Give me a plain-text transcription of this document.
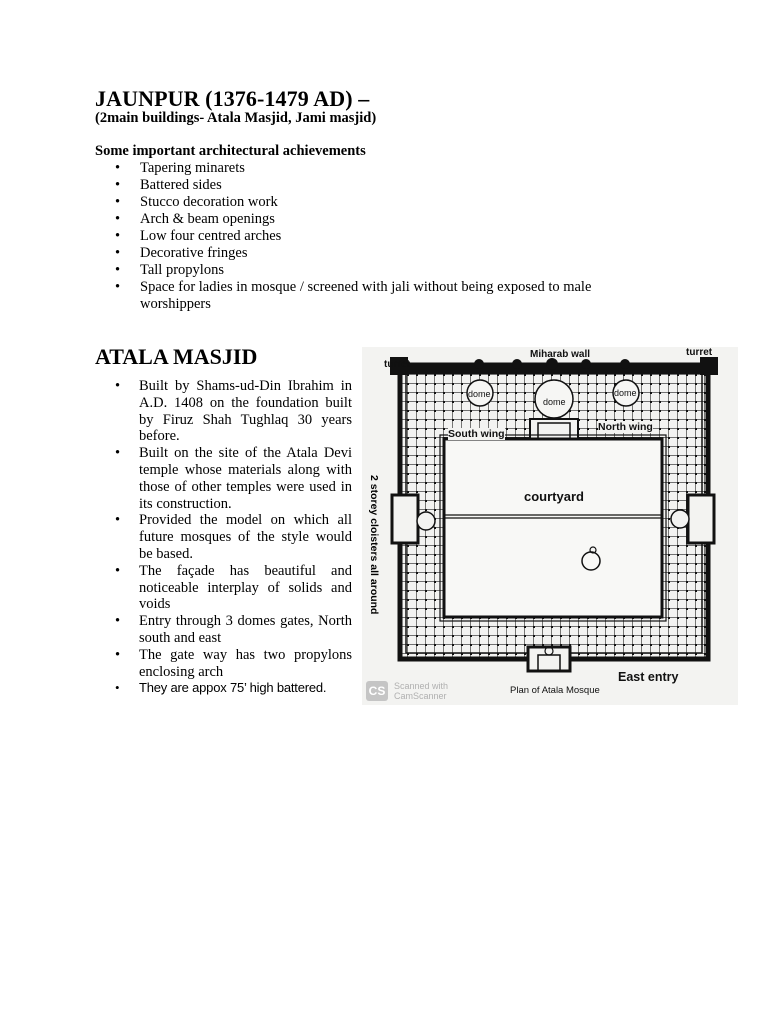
JAUNPUR (1376-1479 AD) –
(2main buildings- Atala Masjid, Jami masjid)
Some important architectural achievements
• Tapering minarets
• Battered sides
• Stucco decoration work
• Arch & beam openings
• Low four centred arches
• Decorative fringes
• Tall propylons
• Space for ladies in mosque / screened with jali without being exposed to male worshippers
ATALA MASJID
• Built by Shams-ud-Din Ibrahim in A.D. 1408 on the foundation built by Firuz Shah Tughlaq 30 years before.
• Built on the site of the Atala Devi temple whose materials along with those of other temples were used in its construction.
• Provided the model on which all future mosques of the style would be based.
• The façade has beautiful and noticeable interplay of solids and voids
• Entry through 3 domes gates, North south and east
• The gate way has two propylons enclosing arch
• They are appox 75’ high battered.
Miharab wall
turret
turret
dome
dome
dome
South wing
North wing
courtyard
2 storey cloisters all around
Plan of Atala Mosque
East entry
CS Scanned with
CamScanner
